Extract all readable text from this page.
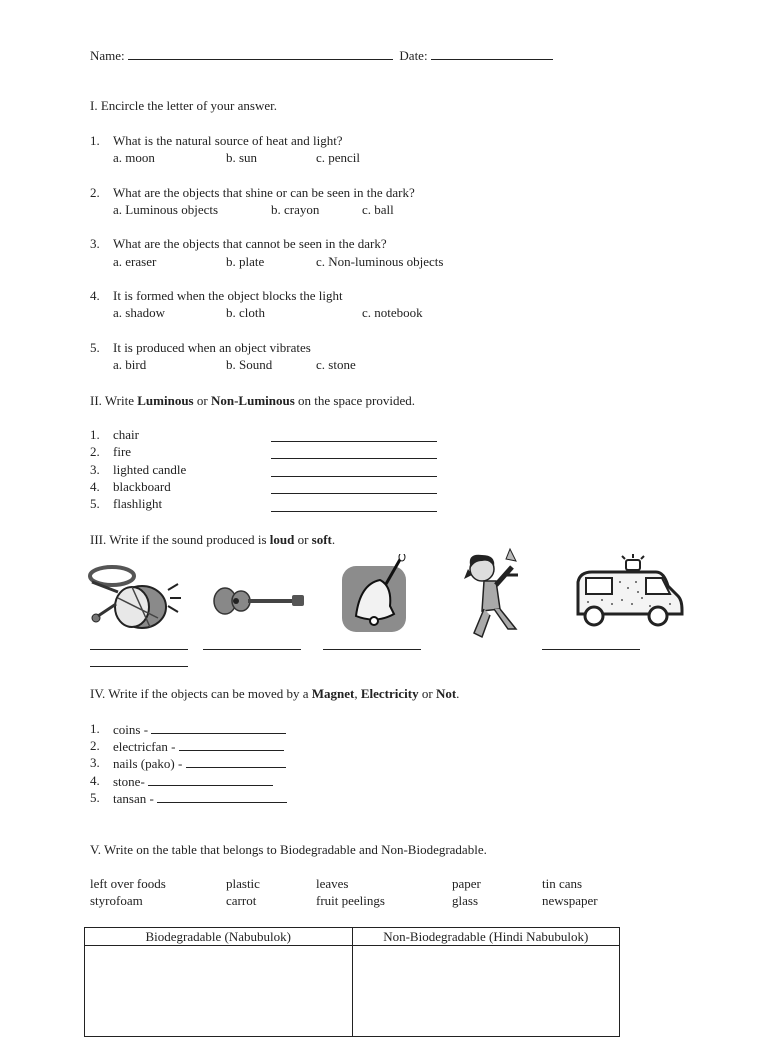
Name:	Date:
I. Encircle the letter of your answer.
1. What is the natural source of heat and light?
a. moon	b. sun	c. pencil
2. What are the objects that shine or can be seen in the dark?
a. Luminous objects	b. crayon	c. ball
3. What are the objects that cannot be seen in the dark?
a. eraser	b. plate	c. Non-luminous objects
4. It is formed when the object blocks the light
a. shadow	b. cloth	c. notebook
5. It is produced when an object vibrates
a. bird	b. Sound	c. stone
II. Write Luminous or Non-Luminous on the space provided.
1. chair
2. fire
3. lighted candle
4. blackboard
5. flashlight
III. Write if the sound produced is loud or soft.
IV. Write if the objects can be moved by a Magnet, Electricity or Not.
1. coins -
2. electricfan -
3. nails (pako) -
4. stone-
5. tansan -
V. Write on the table that belongs to Biodegradable and Non-Biodegradable.
left over foods	plastic	leaves	paper	tin cans
styrofoam	carrot	fruit peelings	glass	newspaper
Biodegradable (Nabubulok)	Non-Biodegradable (Hindi Nabubulok)
